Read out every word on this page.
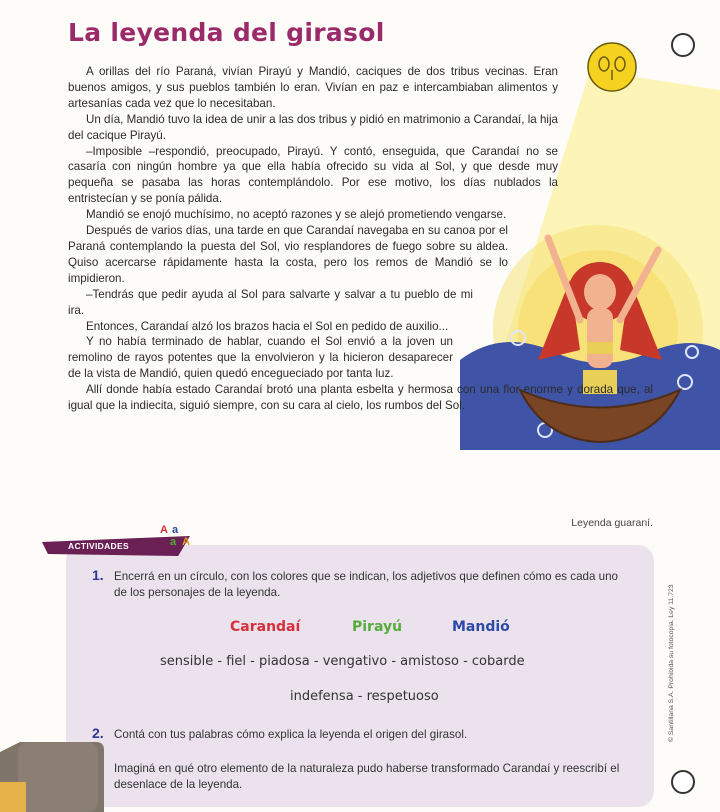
La leyenda del girasol

A orillas del río Paraná, vivían Pirayú y Mandió, caciques de dos tribus vecinas. Eran buenos amigos, y sus pueblos también lo eran. Vivían en paz e intercambiaban alimentos y artesanías cada vez que lo necesitaban.

Un día, Mandió tuvo la idea de unir a las dos tribus y pidió en matrimonio a Carandaí, la hija del cacique Pirayú.

–Imposible –respondió, preocupado, Pirayú. Y contó, enseguida, que Carandaí no se casaría con ningún hombre ya que ella había ofrecido su vida al Sol, y que desde muy pequeña se pasaba las horas contemplándolo. Por ese motivo, los días nublados la entristecían y se ponía pálida.

Mandió se enojó muchísimo, no aceptó razones y se alejó prometiendo vengarse.

Después de varios días, una tarde en que Carandaí navegaba en su canoa por el Paraná contemplando la puesta del Sol, vio resplandores de fuego sobre su aldea. Quiso acercarse rápidamente hasta la costa, pero los remos de Mandió se lo impidieron.

–Tendrás que pedir ayuda al Sol para salvarte y salvar a tu pueblo de mi ira.

Entonces, Carandaí alzó los brazos hacia el Sol en pedido de auxilio...

Y no había terminado de hablar, cuando el Sol envió a la joven un remolino de rayos potentes que la envolvieron y la hicieron desaparecer de la vista de Mandió, quien quedó encegueciado por tanta luz.

Allí donde había estado Carandaí brotó una planta esbelta y hermosa con una flor enorme y dorada que, al igual que la indiecita, siguió siempre, con su cara al cielo, los rumbos del Sol.

Leyenda guaraní.
ACTIVIDADES
A a
a A
1. Encerrá en un círculo, con los colores que se indican, los adjetivos que definen cómo es cada uno de los personajes de la leyenda.
Carandaí	Pirayú	Mandió
sensible - fiel - piadosa - vengativo - amistoso - cobarde
indefensa - respetuoso
2. Contá con tus palabras cómo explica la leyenda el origen del girasol.
Imaginá en qué otro elemento de la naturaleza pudo haberse transformado Carandaí y reescribí el desenlace de la leyenda.
© Santillana S.A. Prohibida su fotocopia. Ley 11.723
